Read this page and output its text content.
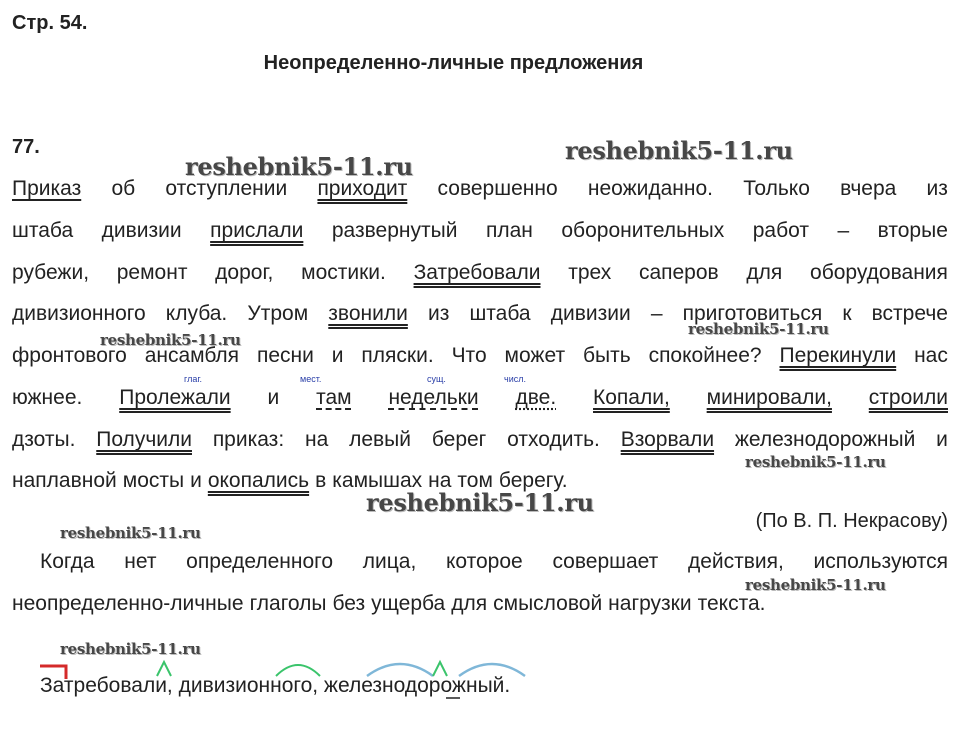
Стр. 54.
Неопределенно-личные предложения
77.
reshebnik5-11.ru
reshebnik5-11.ru
reshebnik5-11.ru
reshebnik5-11.ru
reshebnik5-11.ru
reshebnik5-11.ru
reshebnik5-11.ru
reshebnik5-11.ru
reshebnik5-11.ru
Приказ об отступлении приходит совершенно неожиданно. Только вчера из
штаба дивизии прислали развернутый план оборонительных работ – вторые
рубежи, ремонт дорог, мостики. Затребовали трех саперов для оборудования
дивизионного клуба. Утром звонили из штаба дивизии – приготовиться к встрече
фронтового ансамбля песни и пляски. Что может быть спокойнее? Перекинули нас
глаг.	мест.	сущ.	числ.
южнее. Пролежали и там недельки две. Копали, минировали, строили
дзоты. Получили приказ: на левый берег отходить. Взорвали железнодорожный и
наплавной мосты и окопались в камышах на том берегу.
(По В. П. Некрасову)
Когда нет определенного лица, которое совершает действия, используются
неопределенно-личные глаголы без ущерба для смысловой нагрузки текста.
Затребовали, дивизионного, железнодорожный.
